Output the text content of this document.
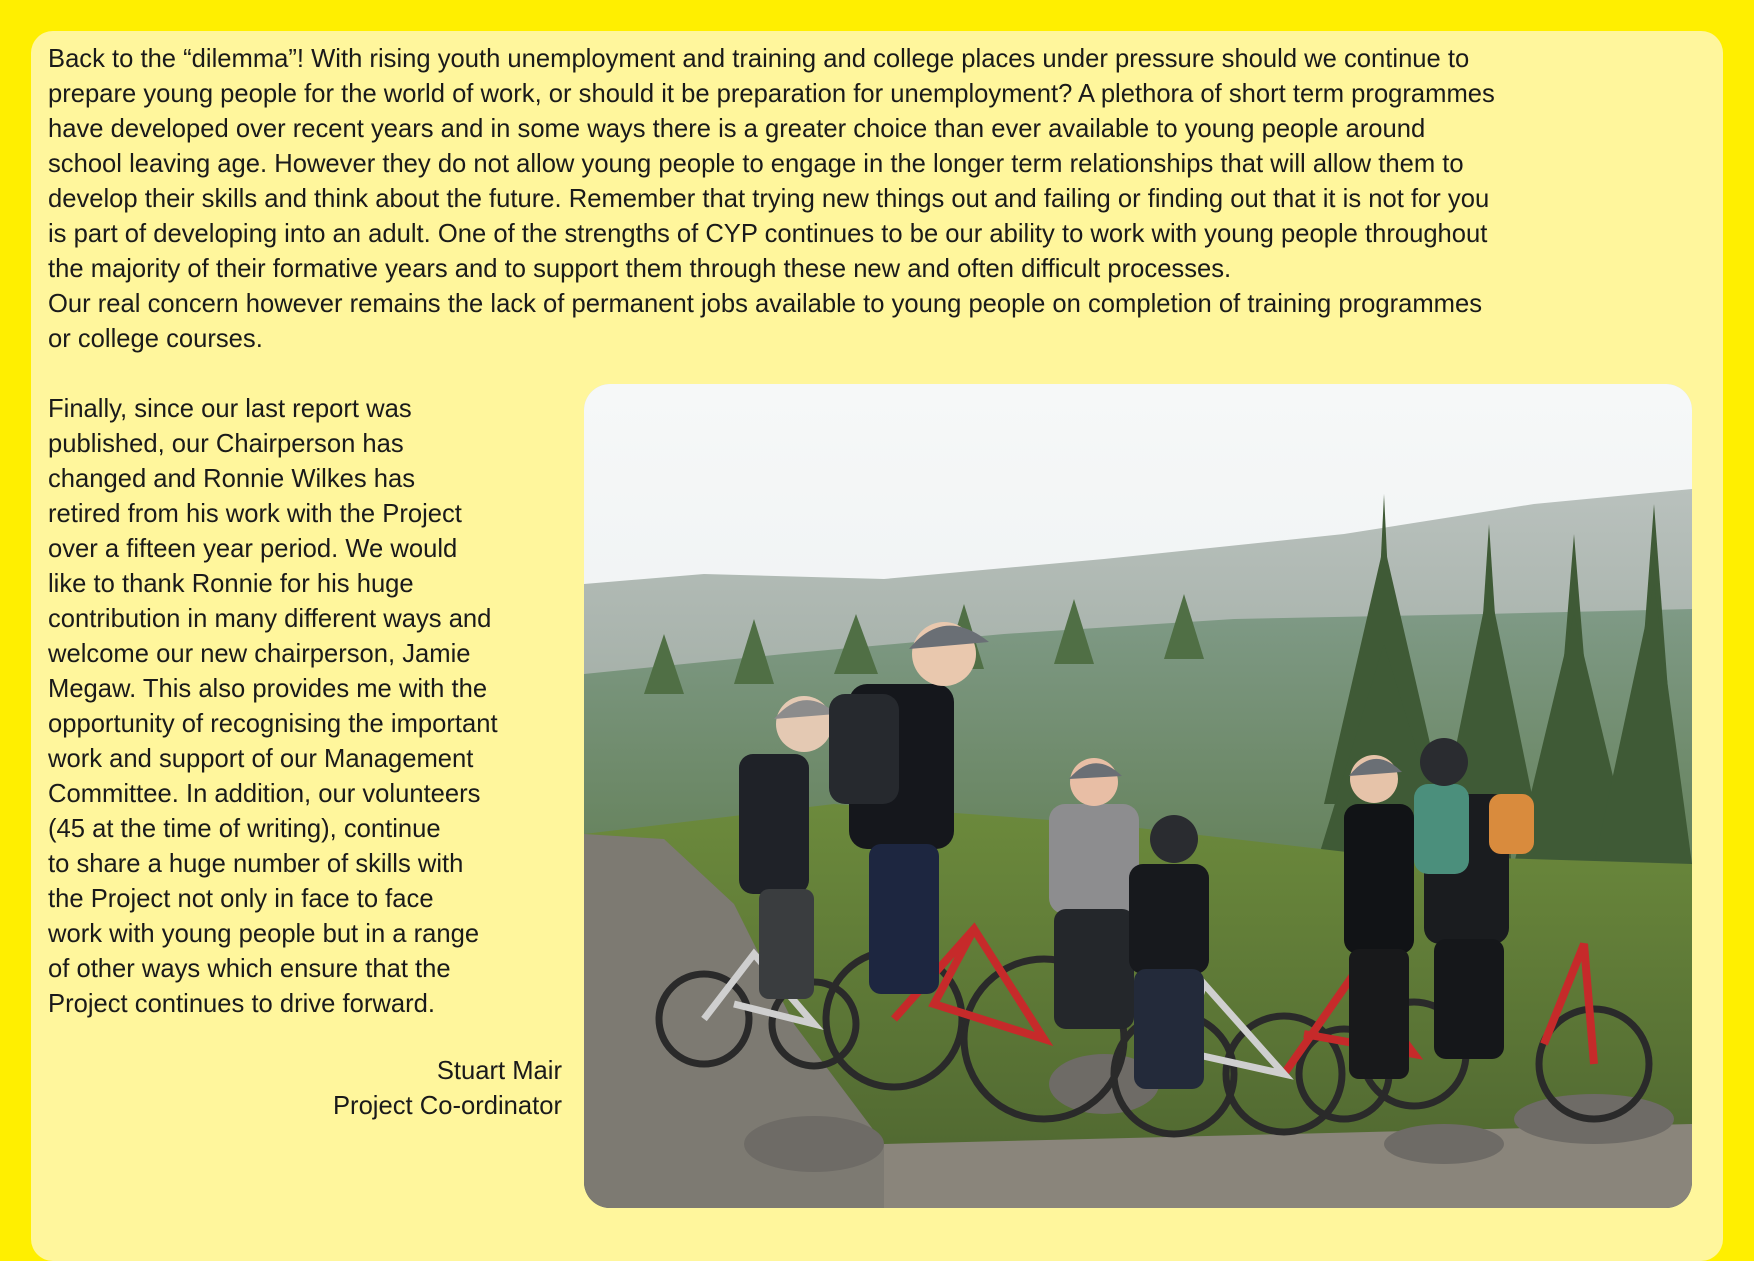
Back to the “dilemma”! With rising youth unemployment and training and college places under pressure should we continue to
prepare young people for the world of work, or should it be preparation for unemployment? A plethora of short term programmes
have developed over recent years and in some ways there is a greater choice than ever available to young people around
school leaving age. However they do not allow young people to engage in the longer term relationships that will allow them to
develop their skills and think about the future. Remember that trying new things out and failing or finding out that it is not for you
is part of developing into an adult. One of the strengths of CYP continues to be our ability to work with young people throughout
the majority of their formative years and to support them through these new and often difficult processes.
Our real concern however remains the lack of permanent jobs available to young people on completion of training programmes
or college courses.
Finally, since our last report was
published, our Chairperson has
changed and Ronnie Wilkes has
retired from his work with the Project
over a fifteen year period. We would
like to thank Ronnie for his huge
contribution in many different ways and
welcome our new chairperson, Jamie
Megaw. This also provides me with the
opportunity of recognising the important
work and support of our Management
Committee. In addition, our volunteers
(45 at the time of writing), continue
to share a huge number of skills with
the Project not only in face to face
work with young people but in a range
of other ways which ensure that the
Project continues to drive forward.
Stuart Mair
Project Co-ordinator
